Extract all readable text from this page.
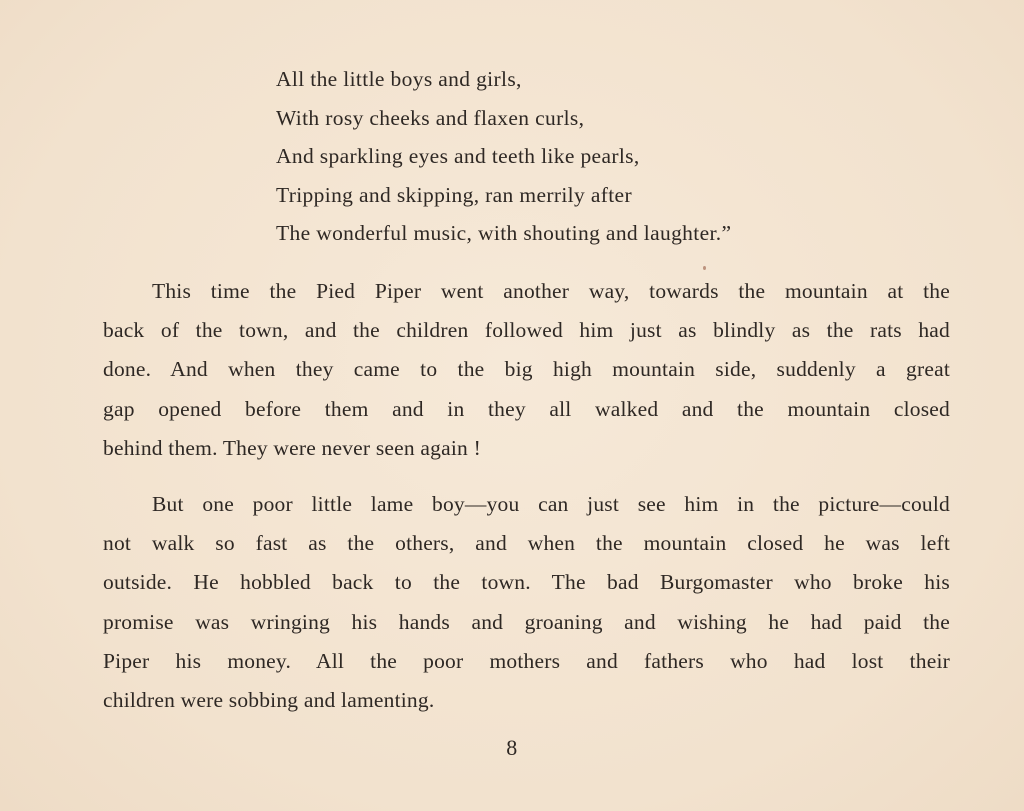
All the little boys and girls,
With rosy cheeks and flaxen curls,
And sparkling eyes and teeth like pearls,
Tripping and skipping, ran merrily after
The wonderful music, with shouting and laughter.”
This time the Pied Piper went another way, towards the mountain at the
back of the town, and the children followed him just as blindly as the rats had
done. And when they came to the big high mountain side, suddenly a great
gap opened before them and in they all walked and the mountain closed
behind them. They were never seen again !
But one poor little lame boy—you can just see him in the picture—could
not walk so fast as the others, and when the mountain closed he was left
outside. He hobbled back to the town. The bad Burgomaster who broke his
promise was wringing his hands and groaning and wishing he had paid the
Piper his money. All the poor mothers and fathers who had lost their
children were sobbing and lamenting.
8
